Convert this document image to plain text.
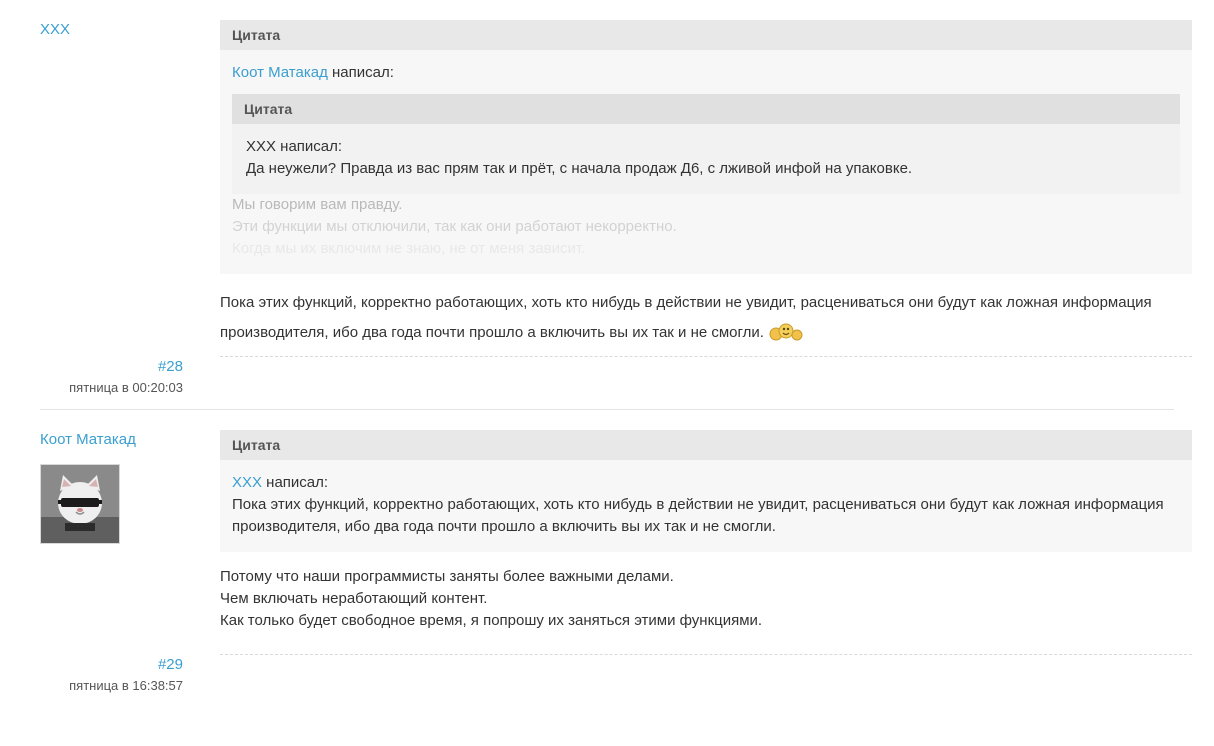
XXX	Цитата
Коот Матакад написал:
Цитата
XXX написал:
Да неужели? Правда из вас прям так и прёт, с начала продаж Д6, с лживой инфой на упаковке.
Мы говорим вам правду.
Эти функции мы отключили, так как они работают некорректно.
Когда мы их включим не знаю, не от меня зависит.
Пока этих функций, корректно работающих, хоть кто нибудь в действии не увидит, расцениваться они будут как ложная информация производителя, ибо два года почти прошло а включить вы их так и не смогли.
#28
пятница в 00:20:03
Коот Матакад	Цитата
XXX написал:
Пока этих функций, корректно работающих, хоть кто нибудь в действии не увидит, расцениваться они будут как ложная информация производителя, ибо два года почти прошло а включить вы их так и не смогли.
Потому что наши программисты заняты более важными делами.
Чем включать неработающий контент.
Как только будет свободное время, я попрошу их заняться этими функциями.
#29
пятница в 16:38:57
